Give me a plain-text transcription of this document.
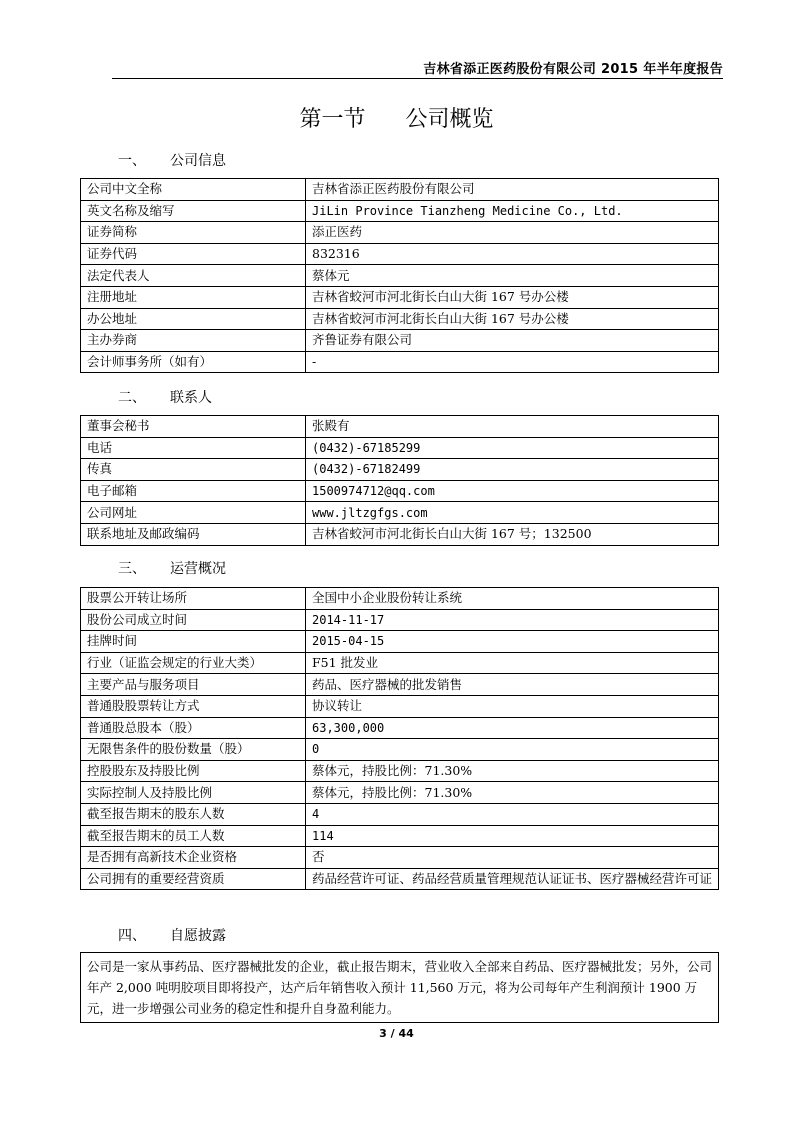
吉林省添正医药股份有限公司 2015 年半年度报告
第一节 公司概览
一、 公司信息
公司中文全称	吉林省添正医药股份有限公司
英文名称及缩写	JiLin Province Tianzheng Medicine Co., Ltd.
证券简称	添正医药
证券代码	832316
法定代表人	蔡体元
注册地址	吉林省蛟河市河北街长白山大街 167 号办公楼
办公地址	吉林省蛟河市河北街长白山大街 167 号办公楼
主办券商	齐鲁证券有限公司
会计师事务所（如有）	-
二、 联系人
董事会秘书	张殿有
电话	(0432)-67185299
传真	(0432)-67182499
电子邮箱	1500974712@qq.com
公司网址	www.jltzgfgs.com
联系地址及邮政编码	吉林省蛟河市河北街长白山大街 167 号；132500
三、 运营概况
股票公开转让场所	全国中小企业股份转让系统
股份公司成立时间	2014-11-17
挂牌时间	2015-04-15
行业（证监会规定的行业大类）	F51 批发业
主要产品与服务项目	药品、医疗器械的批发销售
普通股股票转让方式	协议转让
普通股总股本（股）	63,300,000
无限售条件的股份数量（股）	0
控股股东及持股比例	蔡体元，持股比例：71.30%
实际控制人及持股比例	蔡体元，持股比例：71.30%
截至报告期末的股东人数	4
截至报告期末的员工人数	114
是否拥有高新技术企业资格	否
公司拥有的重要经营资质	药品经营许可证、药品经营质量管理规范认证证书、医疗器械经营许可证
四、 自愿披露
公司是一家从事药品、医疗器械批发的企业，截止报告期末，营业收入全部来自药品、医疗器械批发；另外，公司年产 2,000 吨明胶项目即将投产，达产后年销售收入预计 11,560 万元，将为公司每年产生利润预计 1900 万元，进一步增强公司业务的稳定性和提升自身盈利能力。
3 / 44
